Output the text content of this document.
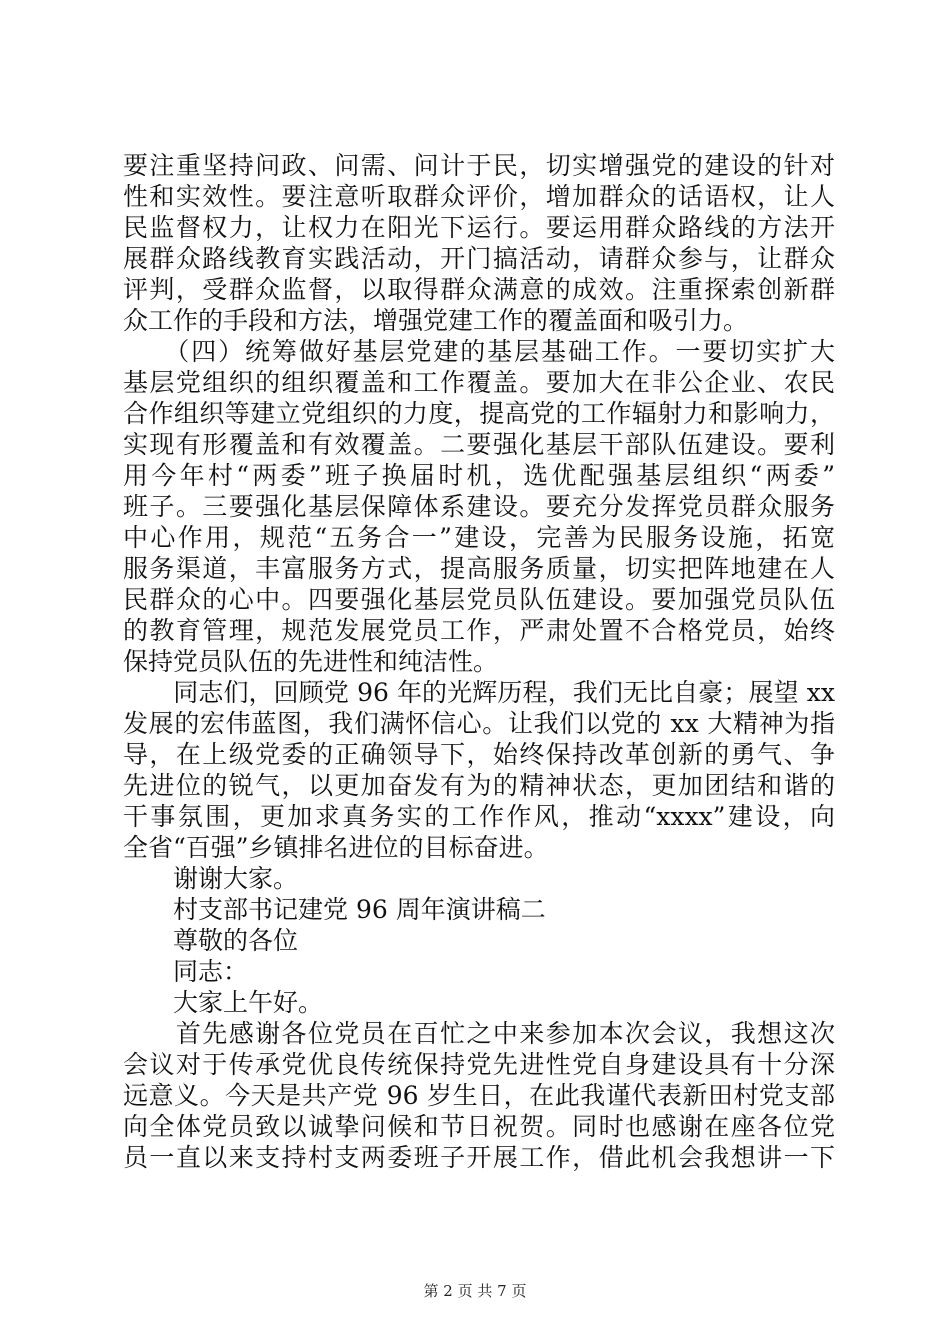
要注重坚持问政、问需、问计于民，切实增强党的建设的针对
性和实效性。要注意听取群众评价，增加群众的话语权，让人
民监督权力，让权力在阳光下运行。要运用群众路线的方法开
展群众路线教育实践活动，开门搞活动，请群众参与，让群众
评判，受群众监督，以取得群众满意的成效。注重探索创新群
众工作的手段和方法，增强党建工作的覆盖面和吸引力。
　　（四）统筹做好基层党建的基层基础工作。一要切实扩大
基层党组织的组织覆盖和工作覆盖。要加大在非公企业、农民
合作组织等建立党组织的力度，提高党的工作辐射力和影响力，
实现有形覆盖和有效覆盖。二要强化基层干部队伍建设。要利
用今年村“两委”班子换届时机，选优配强基层组织“两委”
班子。三要强化基层保障体系建设。要充分发挥党员群众服务
中心作用，规范“五务合一”建设，完善为民服务设施，拓宽
服务渠道，丰富服务方式，提高服务质量，切实把阵地建在人
民群众的心中。四要强化基层党员队伍建设。要加强党员队伍
的教育管理，规范发展党员工作，严肃处置不合格党员，始终
保持党员队伍的先进性和纯洁性。
　　同志们，回顾党 96 年的光辉历程，我们无比自豪；展望 xx
发展的宏伟蓝图，我们满怀信心。让我们以党的 xx 大精神为指
导，在上级党委的正确领导下，始终保持改革创新的勇气、争
先进位的锐气，以更加奋发有为的精神状态，更加团结和谐的
干事氛围，更加求真务实的工作作风，推动“xxxx”建设，向
全省“百强”乡镇排名进位的目标奋进。
　　谢谢大家。
　　村支部书记建党 96 周年演讲稿二
　　尊敬的各位
　　同志：
　　大家上午好。
　　首先感谢各位党员在百忙之中来参加本次会议，我想这次
会议对于传承党优良传统保持党先进性党自身建设具有十分深
远意义。今天是共产党 96 岁生日，在此我谨代表新田村党支部
向全体党员致以诚挚问候和节日祝贺。同时也感谢在座各位党
员一直以来支持村支两委班子开展工作，借此机会我想讲一下
第 2 页 共 7 页
